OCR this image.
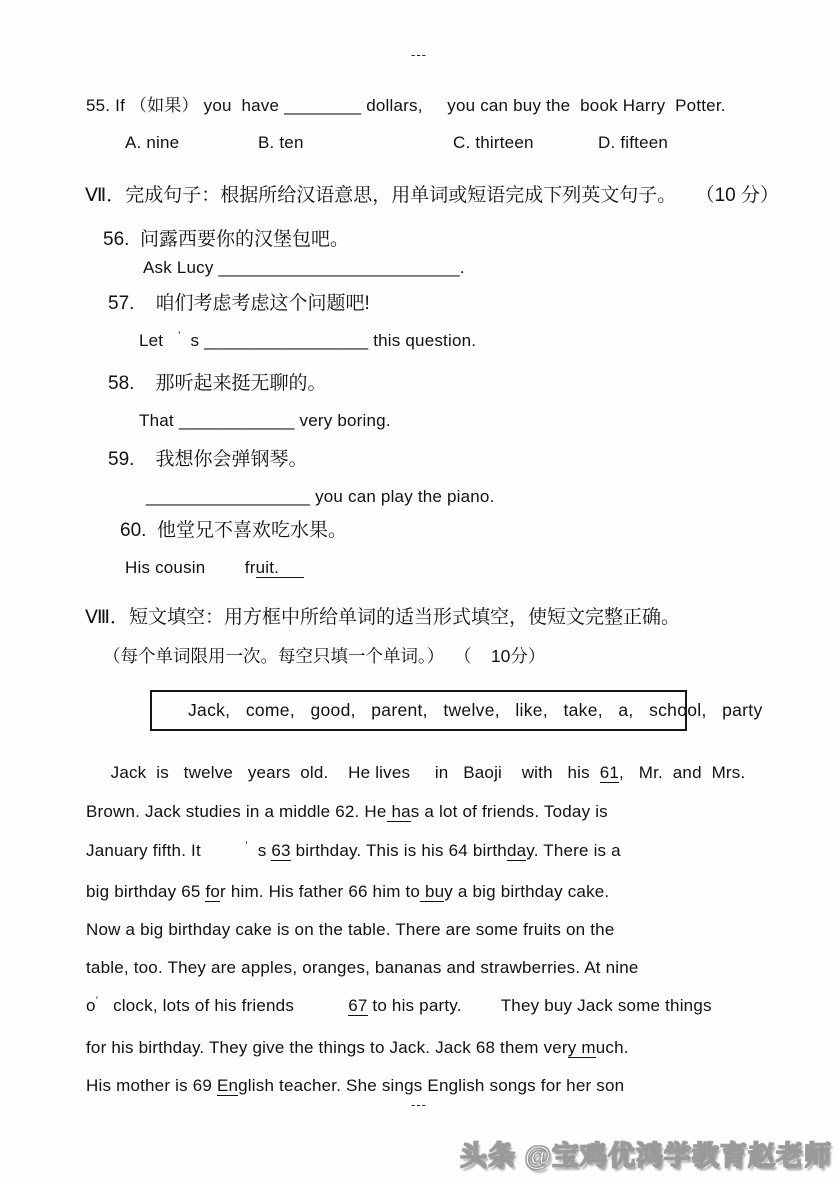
---
55. If （如果） you  have ________ dollars,     you can buy the  book Harry  Potter.

A. nine

	B. ten

	C. thirteen

	D. fifteen

Ⅶ．完成句子：根据所给汉语意思，用单词或短语完成下列英文句子。 （10 分）
56.  问露西要你的汉堡包吧。
Ask Lucy _________________________.
57.    咱们考虑考虑这个问题吧!
Let   ’  s _________________ this question.
58.    那听起来挺无聊的。
That ____________ very boring.
59.    我想你会弹钢琴。
_________________ you can play the piano.
60.  他堂兄不喜欢吃水果。
His cousin        fruit.
Ⅷ．短文填空：用方框中所给单词的适当形式填空，使短文完整正确。
（每个单词限用一次。每空只填一个单词。）  （    10分）
Jack,   come,   good,   parent,   twelve,   like,   take,   a,   school,   party
Jack  is   twelve   years  old.    He lives     in   Baoji    with   his  61,   Mr.  and  Mrs.
Brown. Jack studies in a middle 62. He has a lot of friends. Today is
January fifth. It         ’  s 63 birthday. This is his 64 birthday. There is a
big birthday 65 for him. His father 66 him to buy a big birthday cake.
Now a big birthday cake is on the table. There are some fruits on the
table, too. They are apples, oranges, bananas and strawberries. At nine
o’   clock, lots of his friends           67 to his party.        They buy Jack some things
for his birthday. They give the things to Jack. Jack 68 them very much.
His mother is 69 English teacher. She sings English songs for her son
---
头条 @宝鸡优鸿学教育赵老师
